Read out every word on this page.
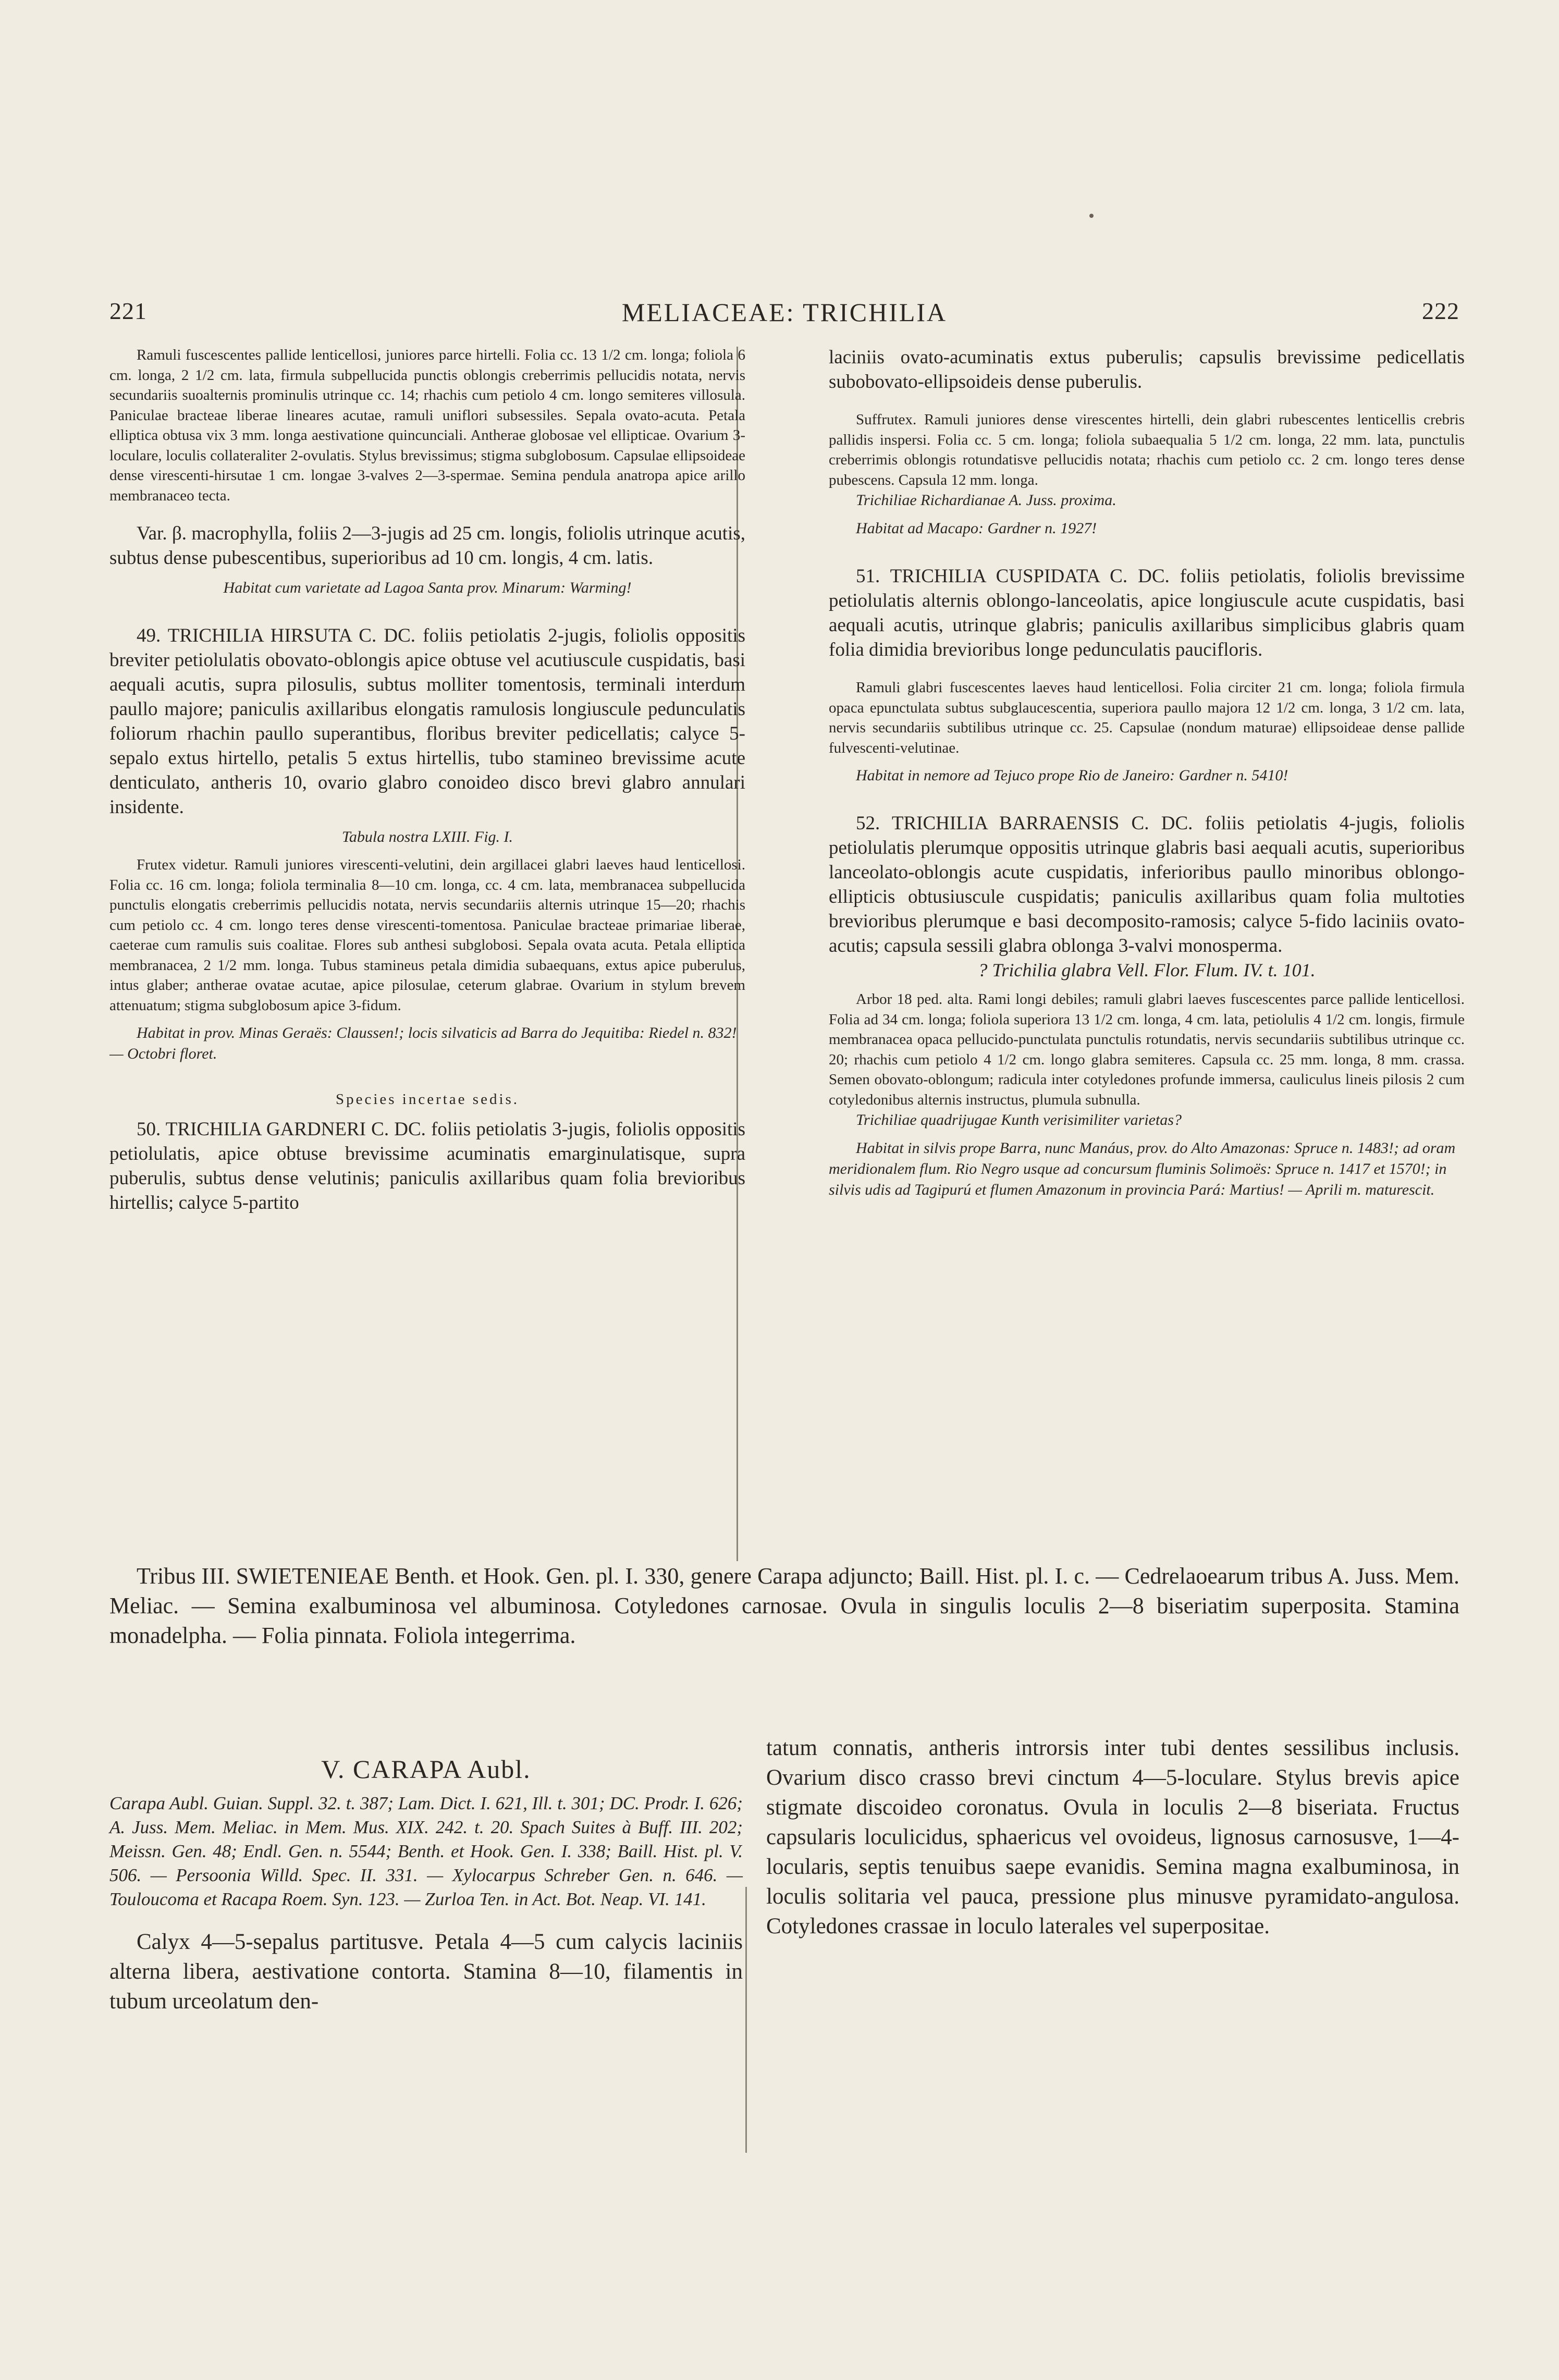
221	MELIACEAE: TRICHILIA	222

Ramuli fuscescentes pallide lenticellosi, juniores parce hirtelli. Folia cc. 13 1/2 cm. longa; foliola 6 cm. longa, 2 1/2 cm. lata, firmula subpellucida punctis oblongis creberrimis pellucidis notata, nervis secundariis suoalternis prominulis utrinque cc. 14; rhachis cum petiolo 4 cm. longo semiteres villosula. Paniculae bracteae liberae lineares acutae, ramuli uniflori subsessiles. Sepala ovato-acuta. Petala elliptica obtusa vix 3 mm. longa aestivatione quincunciali. Antherae globosae vel ellipticae. Ovarium 3-loculare, loculis collateraliter 2-ovulatis. Stylus brevissimus; stigma subglobosum. Capsulae ellipsoideae dense virescenti-hirsutae 1 cm. longae 3-valves 2—3-spermae. Semina pendula anatropa apice arillo membranaceo tecta.

Var. β. macrophylla, foliis 2—3-jugis ad 25 cm. longis, foliolis utrinque acutis, subtus dense pubescentibus, superioribus ad 10 cm. longis, 4 cm. latis.

Habitat cum varietate ad Lagoa Santa prov. Minarum: Warming!

49. TRICHILIA HIRSUTA C. DC. foliis petiolatis 2-jugis, foliolis oppositis breviter petiolulatis obovato-oblongis apice obtuse vel acutiuscule cuspidatis, basi aequali acutis, supra pilosulis, subtus molliter tomentosis, terminali interdum paullo majore; paniculis axillaribus elongatis ramulosis longiuscule pedunculatis foliorum rhachin paullo superantibus, floribus breviter pedicellatis; calyce 5-sepalo extus hirtello, petalis 5 extus hirtellis, tubo stamineo brevissime acute denticulato, antheris 10, ovario glabro conoideo disco brevi glabro annulari insidente.

Tabula nostra LXIII. Fig. I.

Frutex videtur. Ramuli juniores virescenti-velutini, dein argillacei glabri laeves haud lenticellosi. Folia cc. 16 cm. longa; foliola terminalia 8—10 cm. longa, cc. 4 cm. lata, membranacea subpellucida punctulis elongatis creberrimis pellucidis notata, nervis secundariis alternis utrinque 15—20; rhachis cum petiolo cc. 4 cm. longo teres dense virescenti-tomentosa. Paniculae bracteae primariae liberae, caeterae cum ramulis suis coalitae. Flores sub anthesi subglobosi. Sepala ovata acuta. Petala elliptica membranacea, 2 1/2 mm. longa. Tubus stamineus petala dimidia subaequans, extus apice puberulus, intus glaber; antherae ovatae acutae, apice pilosulae, ceterum glabrae. Ovarium in stylum brevem attenuatum; stigma subglobosum apice 3-fidum.

Habitat in prov. Minas Geraës: Claussen!; locis silvaticis ad Barra do Jequitiba: Riedel n. 832! — Octobri floret.

Species incertae sedis.

50. TRICHILIA GARDNERI C. DC. foliis petiolatis 3-jugis, foliolis oppositis petiolulatis, apice obtuse brevissime acuminatis emarginulatisque, supra puberulis, subtus dense velutinis; paniculis axillaribus quam folia brevioribus hirtellis; calyce 5-partito

laciniis ovato-acuminatis extus puberulis; capsulis brevissime pedicellatis subobovato-ellipsoideis dense puberulis.

Suffrutex. Ramuli juniores dense virescentes hirtelli, dein glabri rubescentes lenticellis crebris pallidis inspersi. Folia cc. 5 cm. longa; foliola subaequalia 5 1/2 cm. longa, 22 mm. lata, punctulis creberrimis oblongis rotundatisve pellucidis notata; rhachis cum petiolo cc. 2 cm. longo teres dense pubescens. Capsula 12 mm. longa.

Trichiliae Richardianae A. Juss. proxima.

Habitat ad Macapo: Gardner n. 1927!

51. TRICHILIA CUSPIDATA C. DC. foliis petiolatis, foliolis brevissime petiolulatis alternis oblongo-lanceolatis, apice longiuscule acute cuspidatis, basi aequali acutis, utrinque glabris; paniculis axillaribus simplicibus glabris quam folia dimidia brevioribus longe pedunculatis paucifloris.

Ramuli glabri fuscescentes laeves haud lenticellosi. Folia circiter 21 cm. longa; foliola firmula opaca epunctulata subtus subglaucescentia, superiora paullo majora 12 1/2 cm. longa, 3 1/2 cm. lata, nervis secundariis subtilibus utrinque cc. 25. Capsulae (nondum maturae) ellipsoideae dense pallide fulvescenti-velutinae.

Habitat in nemore ad Tejuco prope Rio de Janeiro: Gardner n. 5410!

52. TRICHILIA BARRAENSIS C. DC. foliis petiolatis 4-jugis, foliolis petiolulatis plerumque oppositis utrinque glabris basi aequali acutis, superioribus lanceolato-oblongis acute cuspidatis, inferioribus paullo minoribus oblongo-ellipticis obtusiuscule cuspidatis; paniculis axillaribus quam folia multoties brevioribus plerumque e basi decomposito-ramosis; calyce 5-fido laciniis ovato-acutis; capsula sessili glabra oblonga 3-valvi monosperma.

? Trichilia glabra Vell. Flor. Flum. IV. t. 101.

Arbor 18 ped. alta. Rami longi debiles; ramuli glabri laeves fuscescentes parce pallide lenticellosi. Folia ad 34 cm. longa; foliola superiora 13 1/2 cm. longa, 4 cm. lata, petiolulis 4 1/2 cm. longis, firmule membranacea opaca pellucido-punctulata punctulis rotundatis, nervis secundariis subtilibus utrinque cc. 20; rhachis cum petiolo 4 1/2 cm. longo glabra semiteres. Capsula cc. 25 mm. longa, 8 mm. crassa. Semen obovato-oblongum; radicula inter cotyledones profunde immersa, cauliculus lineis pilosis 2 cum cotyledonibus alternis instructus, plumula subnulla.

Trichiliae quadrijugae Kunth verisimiliter varietas?

Habitat in silvis prope Barra, nunc Manáus, prov. do Alto Amazonas: Spruce n. 1483!; ad oram meridionalem flum. Rio Negro usque ad concursum fluminis Solimoës: Spruce n. 1417 et 1570!; in silvis udis ad Tagipurú et flumen Amazonum in provincia Pará: Martius! — Aprili m. maturescit.

Tribus III. SWIETENIEAE Benth. et Hook. Gen. pl. I. 330, genere Carapa adjuncto; Baill. Hist. pl. I. c. — Cedrelaoearum tribus A. Juss. Mem. Meliac. — Semina exalbuminosa vel albuminosa. Cotyledones carnosae. Ovula in singulis loculis 2—8 biseriatim superposita. Stamina monadelpha. — Folia pinnata. Foliola integerrima.

V. CARAPA Aubl.

Carapa Aubl. Guian. Suppl. 32. t. 387; Lam. Dict. I. 621, Ill. t. 301; DC. Prodr. I. 626; A. Juss. Mem. Meliac. in Mem. Mus. XIX. 242. t. 20. Spach Suites à Buff. III. 202; Meissn. Gen. 48; Endl. Gen. n. 5544; Benth. et Hook. Gen. I. 338; Baill. Hist. pl. V. 506. — Persoonia Willd. Spec. II. 331. — Xylocarpus Schreber Gen. n. 646. — Touloucoma et Racapa Roem. Syn. 123. — Zurloa Ten. in Act. Bot. Neap. VI. 141.

Calyx 4—5-sepalus partitusve. Petala 4—5 cum calycis laciniis alterna libera, aestivatione contorta. Stamina 8—10, filamentis in tubum urceolatum den-

tatum connatis, antheris introrsis inter tubi dentes sessilibus inclusis. Ovarium disco crasso brevi cinctum 4—5-loculare. Stylus brevis apice stigmate discoideo coronatus. Ovula in loculis 2—8 biseriata. Fructus capsularis loculicidus, sphaericus vel ovoideus, lignosus carnosusve, 1—4-locularis, septis tenuibus saepe evanidis. Semina magna exalbuminosa, in loculis solitaria vel pauca, pressione plus minusve pyramidato-angulosa. Cotyledones crassae in loculo laterales vel superpositae.
